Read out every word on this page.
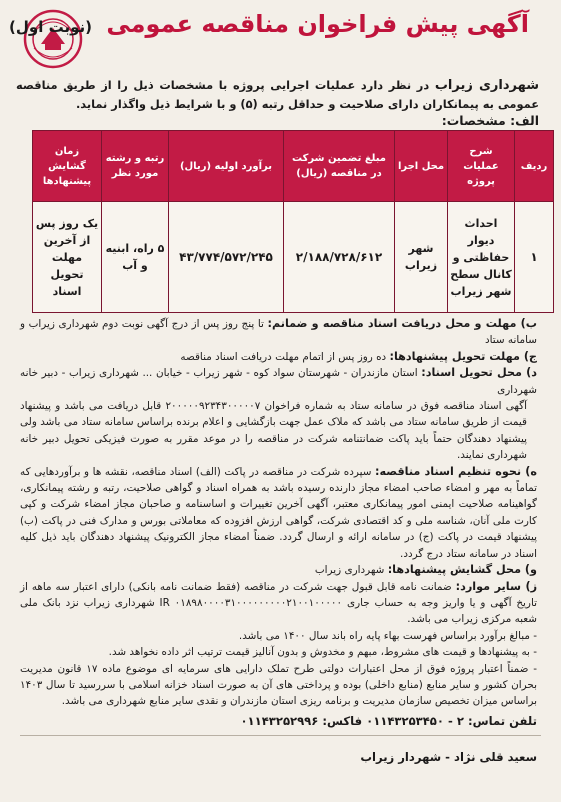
آگهی پیش فراخوان مناقصه عمومی (نوبت اول)
شهرداری زیراب در نظر دارد عملیات اجرایی پروژه با مشخصات ذیل را از طریق مناقصه عمومی به پیمانکاران دارای صلاحیت و حداقل رتبه (۵) و با شرایط ذیل واگذار نماید.
الف: مشخصات:
ردیف	شرح عملیات پروژه	محل اجرا	مبلغ تضمین شرکت در مناقصه (ریال)	برآورد اولیه (ریال)	رتبه و رشته مورد نظر	زمان گشایش پیشنهادها
۱	احداث دیوار حفاظتی و کانال سطح شهر زیراب	شهر زیراب	۲/۱۸۸/۷۲۸/۶۱۲	۴۳/۷۷۴/۵۷۲/۲۴۵	۵ راه، ابنیه و آب	یک روز پس از آخرین مهلت تحویل اسناد

ب) مهلت و محل دریافت اسناد مناقصه و ضمانم: تا پنج روز پس از درج آگهی نوبت دوم شهرداری زیراب و سامانه ستاد

ج) مهلت تحویل پیشنهادها: ده روز پس از اتمام مهلت دریافت اسناد مناقصه

د) محل تحویل اسناد: استان مازندران - شهرستان سواد کوه - شهر زیراب - خیابان ... شهرداری زیراب - دبیر خانه شهرداری

آگهی اسناد مناقصه فوق در سامانه ستاد به شماره فراخوان ۲۰۰۰۰۰۹۲۳۴۳۰۰۰۰۰۷ قابل دریافت می باشد و پیشنهاد قیمت از طریق سامانه ستاد می باشد که ملاک عمل جهت بازگشایی و اعلام برنده براساس سامانه ستاد می باشد ولی پیشنهاد دهندگان حتماً باید پاکت ضمانتنامه شرکت در مناقصه را در موعد مقرر به صورت فیزیکی تحویل دبیر خانه شهرداری نمایند.

ه) نحوه تنظیم اسناد مناقصه: سپرده شرکت در مناقصه در پاکت (الف) اسناد مناقصه، نقشه ها و برآوردهایی که تماماً به مهر و امضاء صاحب امضاء مجاز دارنده رسیده باشد به همراه اسناد و گواهی صلاحیت، رتبه و رشته پیمانکاری، گواهینامه صلاحیت ایمنی امور پیمانکاری معتبر، آگهی آخرین تغییرات و اساسنامه و صاحبان مجاز امضاء شرکت و کپی کارت ملی آنان، شناسه ملی و کد اقتصادی شرکت، گواهی ارزش افزوده که معاملاتی بورس و مدارک فنی در پاکت (ب) پیشنهاد قیمت در پاکت (ج) در سامانه ارائه و ارسال گردد. ضمناً امضاء مجاز الکترونیک پیشنهاد دهندگان باید ذیل کلیه اسناد در سامانه ستاد درج گردد.

و) محل گشایش پیشنهادها: شهرداری زیراب

ز) سایر موارد: ضمانت نامه قابل قبول جهت شرکت در مناقصه (فقط ضمانت نامه بانکی) دارای اعتبار سه ماهه از تاریخ آگهی و یا واریز وجه به حساب جاری ۰۱۸۹۸۰۰۰۰۳۱۰۰۰۰۰۰۰۰۰۲۱۰۰۱۰۰۰۰۰ IR شهرداری زیراب نزد بانک ملی شعبه مرکزی زیراب می باشد.

- مبالغ برآورد براساس فهرست بهاء پایه راه باند سال ۱۴۰۰ می باشد.

- به پیشنهادها و قیمت های مشروط، مبهم و مخدوش و بدون آنالیز قیمت ترتیب اثر داده نخواهد شد.

- ضمناً اعتبار پروژه فوق از محل اعتبارات دولتی طرح تملک دارایی های سرمایه ای موضوع ماده ۱۷ قانون مدیریت بحران کشور و سایر منابع (منابع داخلی) بوده و پرداختی های آن به صورت اسناد خزانه اسلامی با سررسید تا سال ۱۴۰۳ براساس میزان تخصیص سازمان مدیریت و برنامه ریزی استان مازندران و نقدی سایر منابع شهرداری می باشد.

تلفن تماس: ۲ - ۰۱۱۴۳۲۵۳۴۵۰ فاکس: ۰۱۱۴۳۲۵۲۹۹۶
سعید قلی نژاد - شهردار زیراب
